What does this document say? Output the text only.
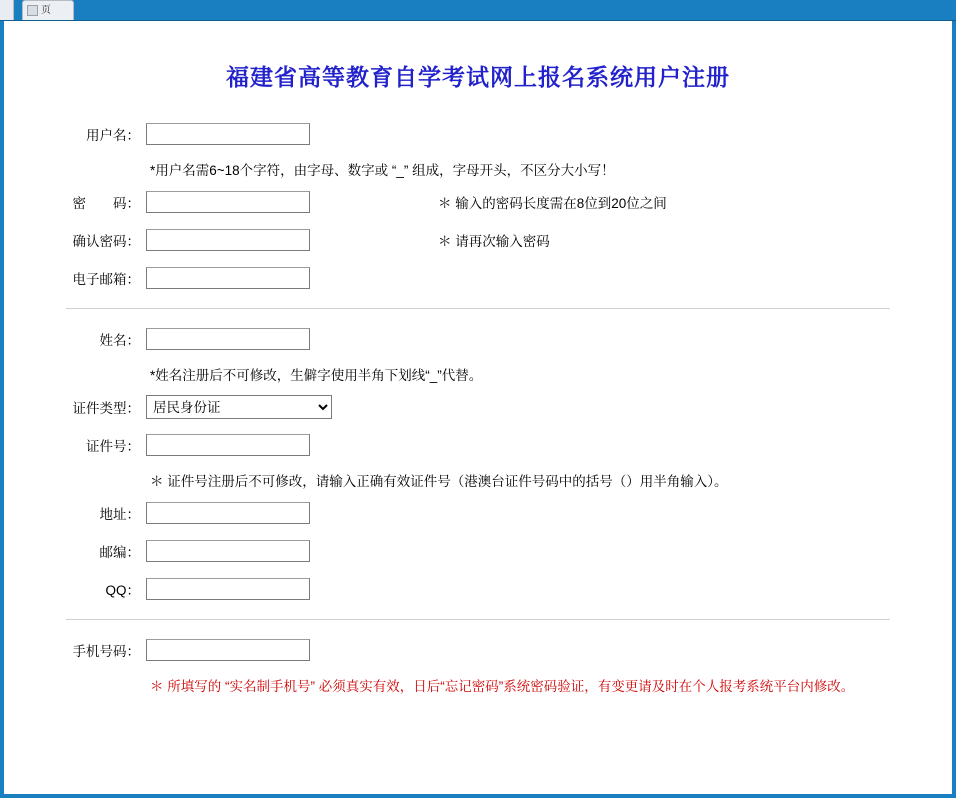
页
福建省高等教育自学考试网上报名系统用户注册
用户名：
*用户名需6~18个字符，由字母、数字或 “_” 组成，字母开头，不区分大小写！
密　　码：	＊ 输入的密码长度需在8位到20位之间
确认密码：	＊ 请再次输入密码
电子邮箱：
姓名：
*姓名注册后不可修改，生僻字使用半角下划线“_”代替。
证件类型：
居民身份证
证件号：
＊ 证件号注册后不可修改，请输入正确有效证件号（港澳台证件号码中的括号（）用半角输入）。
地址：
邮编：
QQ：
手机号码：
＊ 所填写的 “实名制手机号” 必须真实有效，日后“忘记密码”系统密码验证，有变更请及时在个人报考系统平台内修改。
